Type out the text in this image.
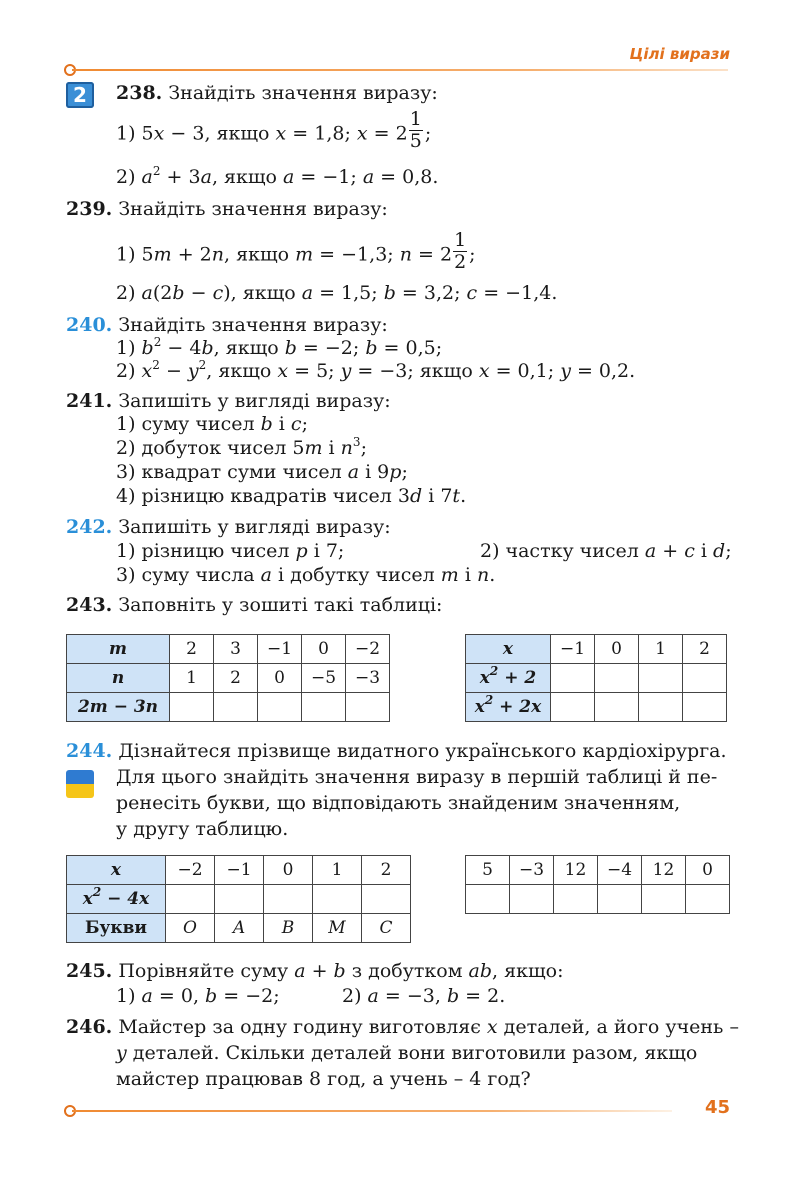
Цілі вирази
2	238. Знайдіть значення виразу:
1) 5x − 3, якщо x = 1,8; $x = 2 \frac{1}{5}$ ;
2) $a^2 + 3a$, якщо a = −1; a = 0,8.
239. Знайдіть значення виразу:
1) 5m + 2n, якщо m = −1,3; $n = 2 \frac{1}{2}$ ;
2) a(2b − c), якщо a = 1,5; b = 3,2; c = −1,4.
240. Знайдіть значення виразу:
1) $b^2 - 4b$, якщо b = −2; b = 0,5;
2) $x^2 - y^2$, якщо x = 5; y = −3; якщо x = 0,1; y = 0,2.
241. Запишіть у вигляді виразу:
1) суму чисел b і c;
2) добуток чисел 5m і $n^3$;
3) квадрат суми чисел a і 9p;
4) різницю квадратів чисел 3d і 7t.
242. Запишіть у вигляді виразу:
1) різницю чисел p і 7;	2) частку чисел a + c і d;
3) суму числа a і добутку чисел m і n.
243. Заповніть у зошиті такі таблиці:
m	2	3	−1	0	−2
n	1	2	0	−5	−3
2m − 3n					
x	−1	0	1	2
$x^2 + 2$				
$x^2 + 2x$				
244. Дізнайтеся прізвище видатного українського кардіохірурга.
Для цього знайдіть значення виразу в першій таблиці й пе-
ренесіть букви, що відповідають знайденим значенням,
у другу таблицю.
x	−2	−1	0	1	2
$x^2 - 4x$					
Букви	О	А	В	М	С
5	−3	12	−4	12	0

245. Порівняйте суму a + b з добутком ab, якщо:
1) a = 0, b = −2;	2) a = −3, b = 2.
246. Майстер за одну годину виготовляє x деталей, а його учень –
y деталей. Скільки деталей вони виготовили разом, якщо
майстер працював 8 год, а учень – 4 год?
45
